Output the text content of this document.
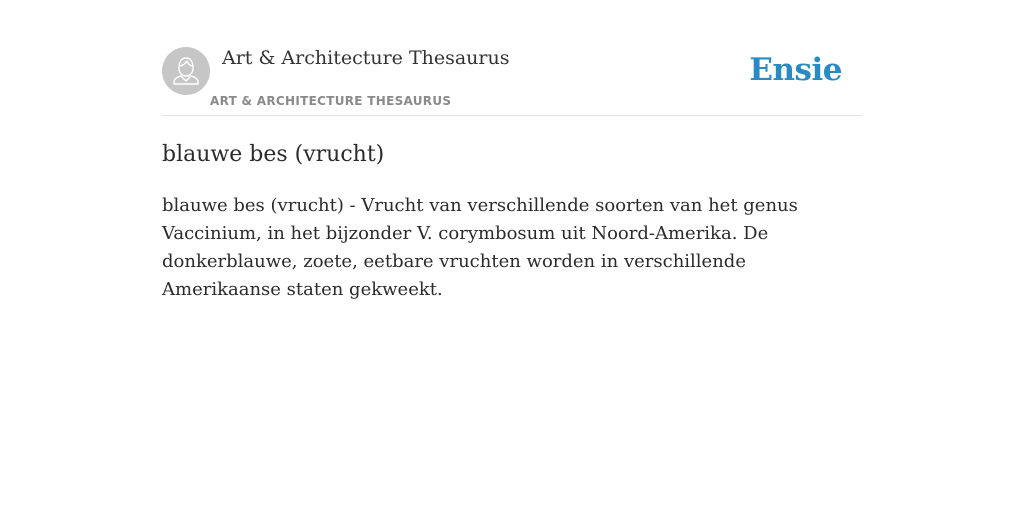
Art & Architecture Thesaurus
ART & ARCHITECTURE THESAURUS
Ensie
blauwe bes (vrucht)

blauwe bes (vrucht) - Vrucht van verschillende soorten van het genus Vaccinium, in het bijzonder V. corymbosum uit Noord-Amerika. De donkerblauwe, zoete, eetbare vruchten worden in verschillende Amerikaanse staten gekweekt.
